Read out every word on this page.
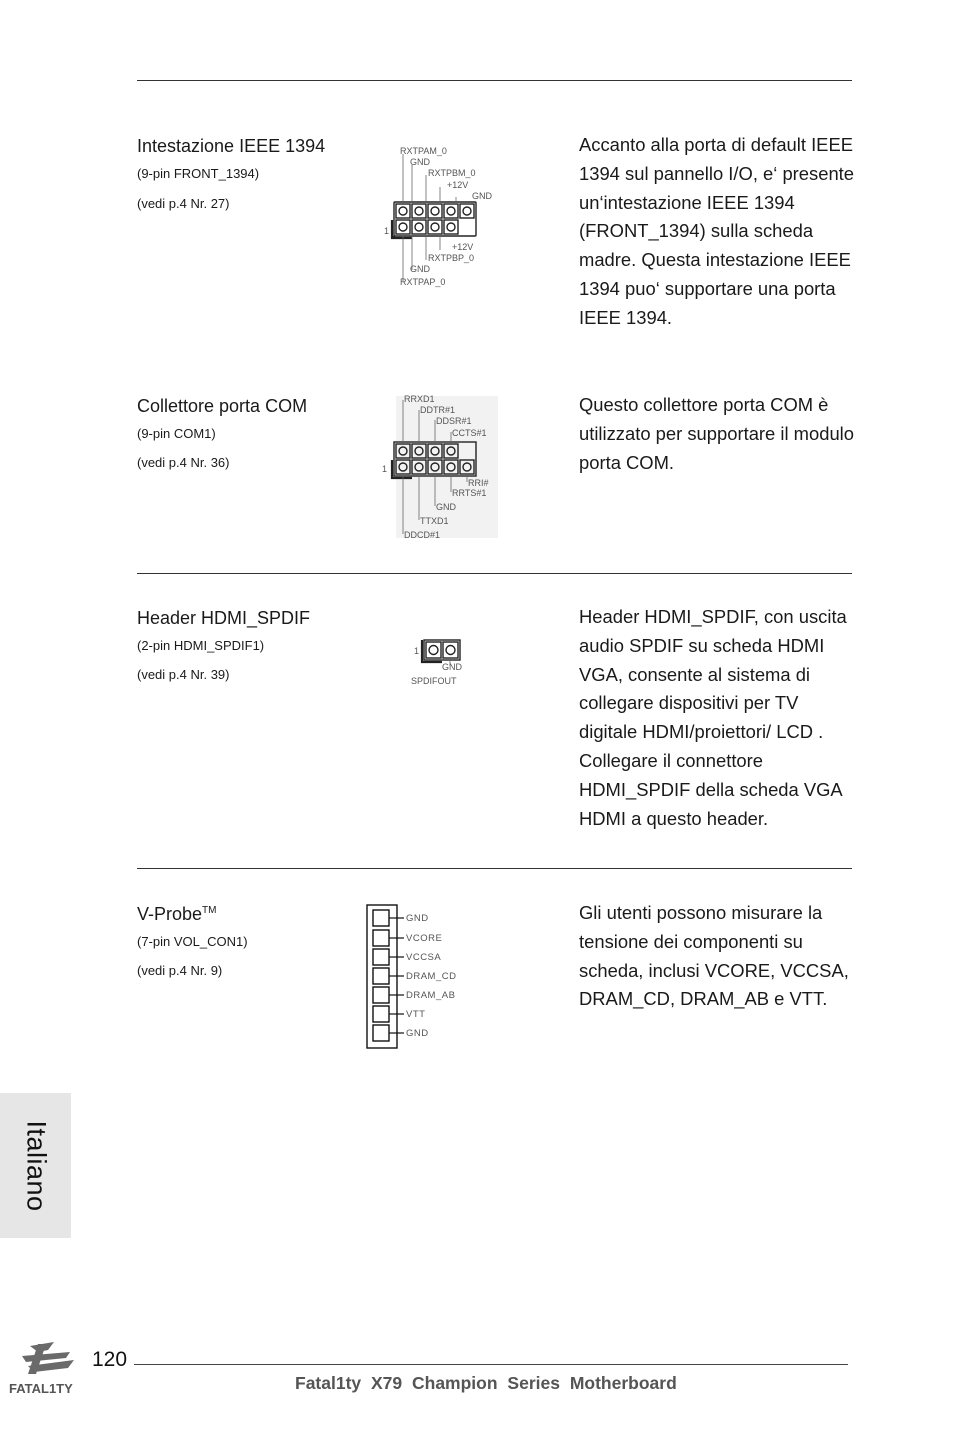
Intestazione IEEE 1394
(9-pin FRONT_1394)
(vedi p.4 Nr. 27)
RXTPAM_0
GND
RXTPBM_0
+12V
GND
1
+12V
RXTPBP_0
GND
RXTPAP_0
Accanto alla porta di default IEEE 1394 sul pannello I/O, e‘ presente un‘intestazione IEEE 1394 (FRONT_1394) sulla scheda madre. Questa intestazione IEEE 1394 puo‘ supportare una porta IEEE 1394.
Collettore porta COM
(9-pin COM1)
(vedi p.4 Nr. 36)
RRXD1
DDTR#1
DDSR#1
CCTS#1
1
RRI#
RRTS#1
GND
TTXD1
DDCD#1
Questo collettore porta COM è utilizzato per supportare il modulo porta COM.
Header HDMI_SPDIF
(2-pin HDMI_SPDIF1)
(vedi p.4 Nr. 39)
1
GND
SPDIFOUT
Header HDMI_SPDIF, con uscita audio SPDIF su scheda HDMI VGA, consente al sistema di collegare dispositivi per TV digitale HDMI/proiettori/ LCD . Collegare il connettore HDMI_SPDIF della scheda VGA HDMI a questo header.
V-Probe™
(7-pin VOL_CON1)
(vedi p.4 Nr. 9)
GND
VCORE
VCCSA
DRAM_CD
DRAM_AB
VTT
GND
Gli utenti possono misurare la tensione dei componenti su scheda, inclusi VCORE, VCCSA, DRAM_CD, DRAM_AB e VTT.
Italiano
FATAL1TY
120
Fatal1ty X79 Champion Series Motherboard
